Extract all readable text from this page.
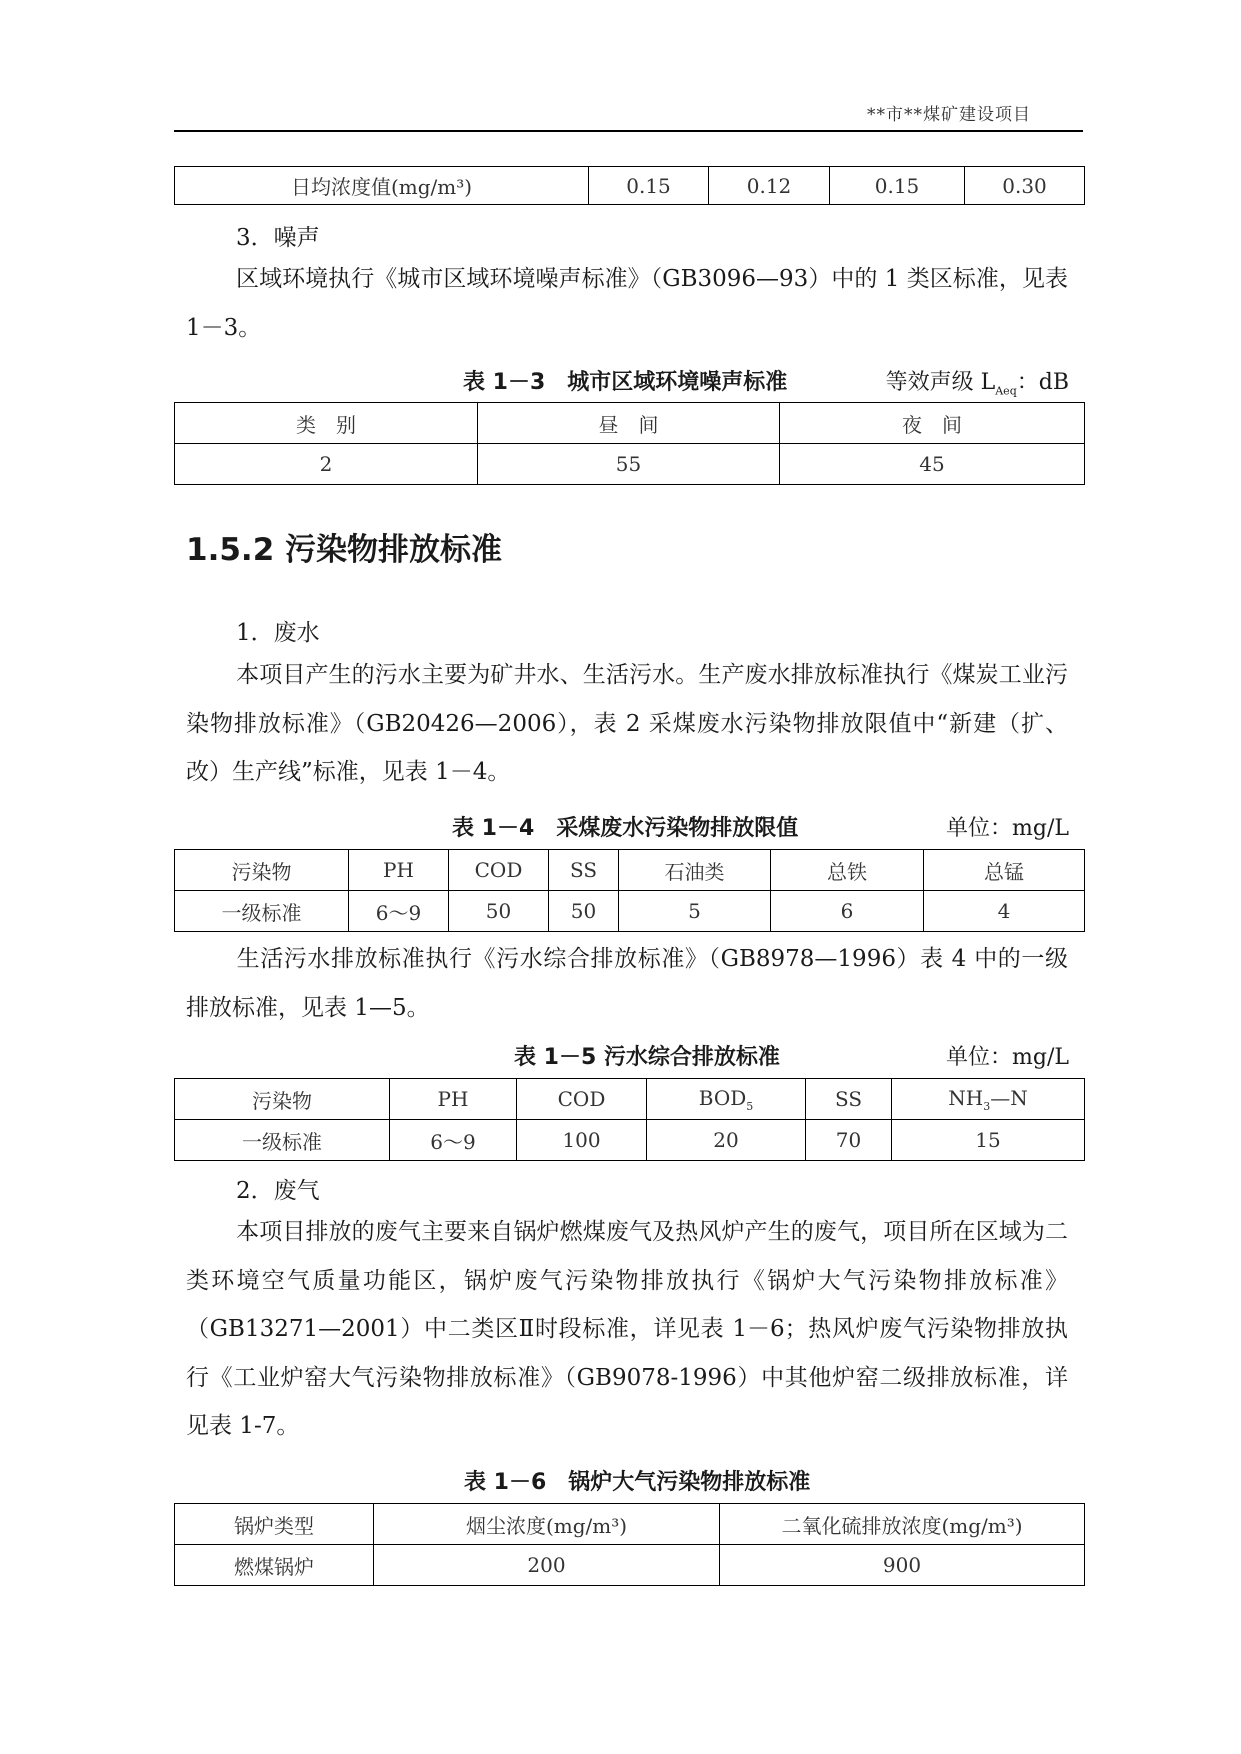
**市**煤矿建设项目
日均浓度值(mg/m³)	0.15	0.12	0.15	0.30

3．噪声

区域环境执行《城市区域环境噪声标准》（GB3096—93）中的 1 类区标准，见表 1－3。

表 1－3　城市区域环境噪声标准	等效声级 $L_{Aeq}$：dB
类　别	昼　间	夜　间
2	55	45
1.5.2 污染物排放标准

1．废水

本项目产生的污水主要为矿井水、生活污水。生产废水排放标准执行《煤炭工业污染物排放标准》（GB20426—2006），表 2 采煤废水污染物排放限值中“新建（扩、改）生产线”标准，见表 1－4。

表 1－4　采煤废水污染物排放限值	单位：mg/L
污染物	PH	COD	SS	石油类	总铁	总锰
一级标准	6～9	50	50	5	6	4

生活污水排放标准执行《污水综合排放标准》（GB8978—1996）表 4 中的一级排放标准，见表 1—5。

表 1－5 污水综合排放标准	单位：mg/L
污染物	PH	COD	$BOD_5$	SS	$NH_3—N$
一级标准	6～9	100	20	70	15

2．废气

本项目排放的废气主要来自锅炉燃煤废气及热风炉产生的废气，项目所在区域为二类环境空气质量功能区，锅炉废气污染物排放执行《锅炉大气污染物排放标准》（GB13271—2001）中二类区Ⅱ时段标准，详见表 1－6；热风炉废气污染物排放执行《工业炉窑大气污染物排放标准》（GB9078-1996）中其他炉窑二级排放标准，详见表 1-7。

表 1－6　锅炉大气污染物排放标准
锅炉类型	烟尘浓度(mg/m³)	二氧化硫排放浓度(mg/m³)
燃煤锅炉	200	900
